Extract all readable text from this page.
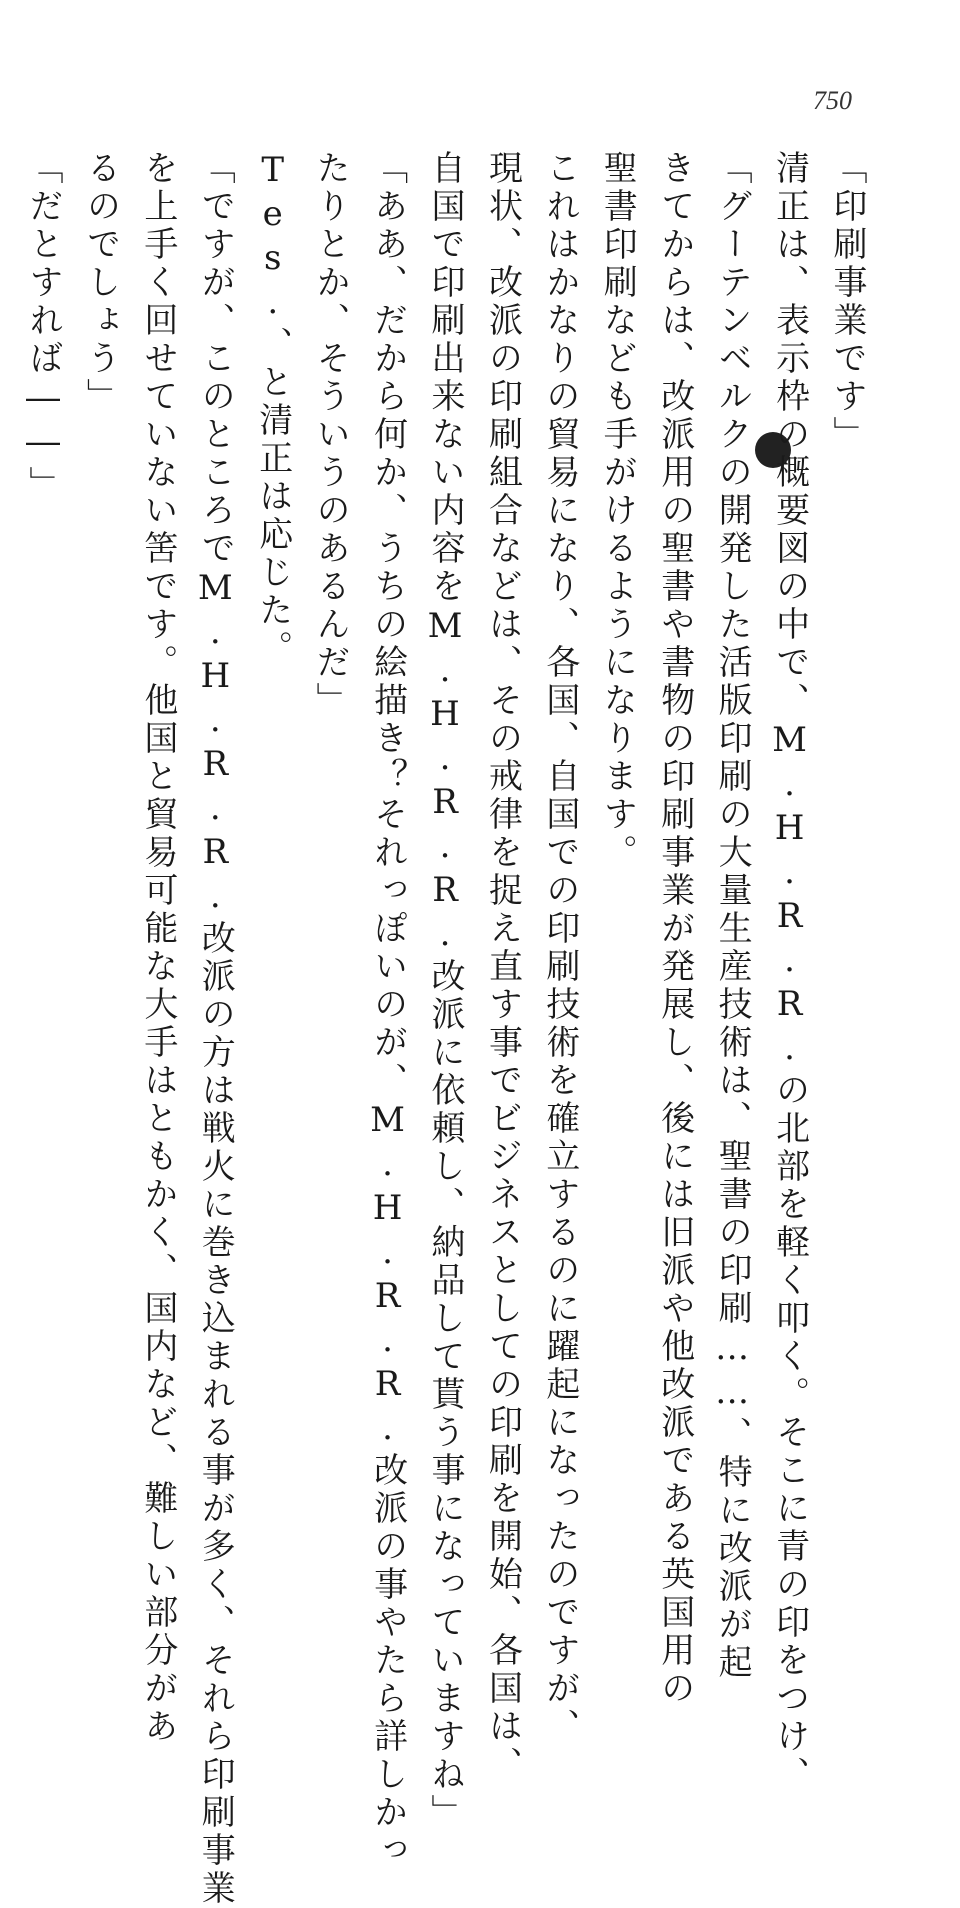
750
「印刷事業です」
清正は、表示枠の概要図の中で、M.H.R.R.の北部を軽く叩く。そこに青の印をつけ、
「グーテンベルクの開発した活版印刷の大量生産技術は、聖書の印刷……、特に改派が起
きてからは、改派用の聖書や書物の印刷事業が発展し、後には旧派や他改派である英国用の
聖書印刷なども手がけるようになります。
これはかなりの貿易になり、各国、自国での印刷技術を確立するのに躍起になったのですが、
現状、改派の印刷組合などは、その戒律を捉え直す事でビジネスとしての印刷を開始、各国は、
自国で印刷出来ない内容をM.H.R.R.改派に依頼し、納品して貰う事になっていますね」
「ああ、だから何か、うちの絵描き？それっぽいのが、M.H.R.R.改派の事やたら詳しかっ
たりとか、そういうのあるんだ」
Tes.、と清正は応じた。
「ですが、このところでM.H.R.R.改派の方は戦火に巻き込まれる事が多く、それら印刷事業
を上手く回せていない筈です。他国と貿易可能な大手はともかく、国内など、難しい部分があ
るのでしょう」
「だとすれば――」
